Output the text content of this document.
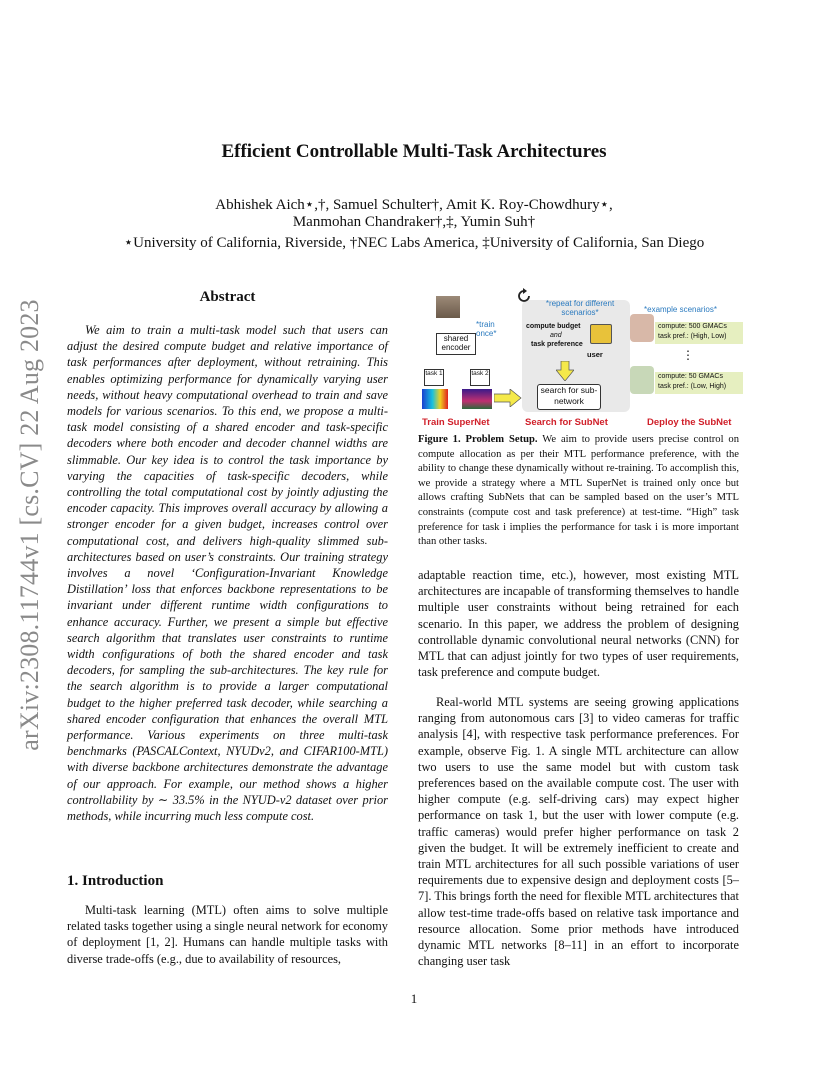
arXiv:2308.11744v1 [cs.CV] 22 Aug 2023
Efficient Controllable Multi-Task Architectures
Abhishek Aich⋆,†, Samuel Schulter†, Amit K. Roy-Chowdhury⋆,
Manmohan Chandraker†,‡, Yumin Suh†
⋆University of California, Riverside, †NEC Labs America, ‡University of California, San Diego
Abstract
We aim to train a multi-task model such that users can adjust the desired compute budget and relative importance of task performances after deployment, without retraining. This enables optimizing performance for dynamically varying user needs, without heavy computational overhead to train and save models for various scenarios. To this end, we propose a multi-task model consisting of a shared encoder and task-specific decoders where both encoder and decoder channel widths are slimmable. Our key idea is to control the task importance by varying the capacities of task-specific decoders, while controlling the total computational cost by jointly adjusting the encoder capacity. This improves overall accuracy by allowing a stronger encoder for a given budget, increases control over computational cost, and delivers high-quality slimmed sub-architectures based on user’s constraints. Our training strategy involves a novel ‘Configuration-Invariant Knowledge Distillation’ loss that enforces backbone representations to be invariant under different runtime width configurations to enhance accuracy. Further, we present a simple but effective search algorithm that translates user constraints to runtime width configurations of both the shared encoder and task decoders, for sampling the sub-architectures. The key rule for the search algorithm is to provide a larger computational budget to the higher preferred task decoder, while searching a shared encoder configuration that enhances the overall MTL performance. Various experiments on three multi-task benchmarks (PASCALContext, NYUDv2, and CIFAR100-MTL) with diverse backbone architectures demonstrate the advantage of our approach. For example, our method shows a higher controllability by ∼ 33.5% in the NYUD-v2 dataset over prior methods, while incurring much less compute cost.
1. Introduction
Multi-task learning (MTL) often aims to solve multiple related tasks together using a single neural network for economy of deployment [1, 2]. Humans can handle multiple tasks with diverse trade-offs (e.g., due to availability of resources,
shared encoder
*train once*
task 1	task 2
Train SuperNet
*repeat for different scenarios*
compute budget
and
task preference
user
search for sub-network
Search for SubNet
*example scenarios*
compute: 500 GMACs
task pref.: (High, Low)
⋮
compute: 50 GMACs
task pref.: (Low, High)
Deploy the SubNet
Figure 1. Problem Setup. We aim to provide users precise control on compute allocation as per their MTL performance preference, with the ability to change these dynamically without re-training. To accomplish this, we provide a strategy where a MTL SuperNet is trained only once but allows crafting SubNets that can be sampled based on the user’s MTL constraints (compute cost and task preference) at test-time. “High” task preference for task i implies the performance for task i is more important than other tasks.
adaptable reaction time, etc.), however, most existing MTL architectures are incapable of transforming themselves to handle multiple user constraints without being retrained for each scenario. In this paper, we address the problem of designing controllable dynamic convolutional neural networks (CNN) for MTL that can adjust jointly for two types of user requirements, task preference and compute budget.
Real-world MTL systems are seeing growing applications ranging from autonomous cars [3] to video cameras for traffic analysis [4], with respective task performance preferences. For example, observe Fig. 1. A single MTL architecture can allow two users to use the same model but with custom task preferences based on the available compute cost. The user with higher compute (e.g. self-driving cars) may expect higher performance on task 1, but the user with lower compute (e.g. traffic cameras) would prefer higher performance on task 2 given the budget. It will be extremely inefficient to create and train MTL architectures for all such possible variations of user requirements due to expensive design and deployment costs [5–7]. This brings forth the need for flexible MTL architectures that allow test-time trade-offs based on relative task importance and resource allocation. Some prior methods have introduced dynamic MTL networks [8–11] in an effort to incorporate changing user task
1
